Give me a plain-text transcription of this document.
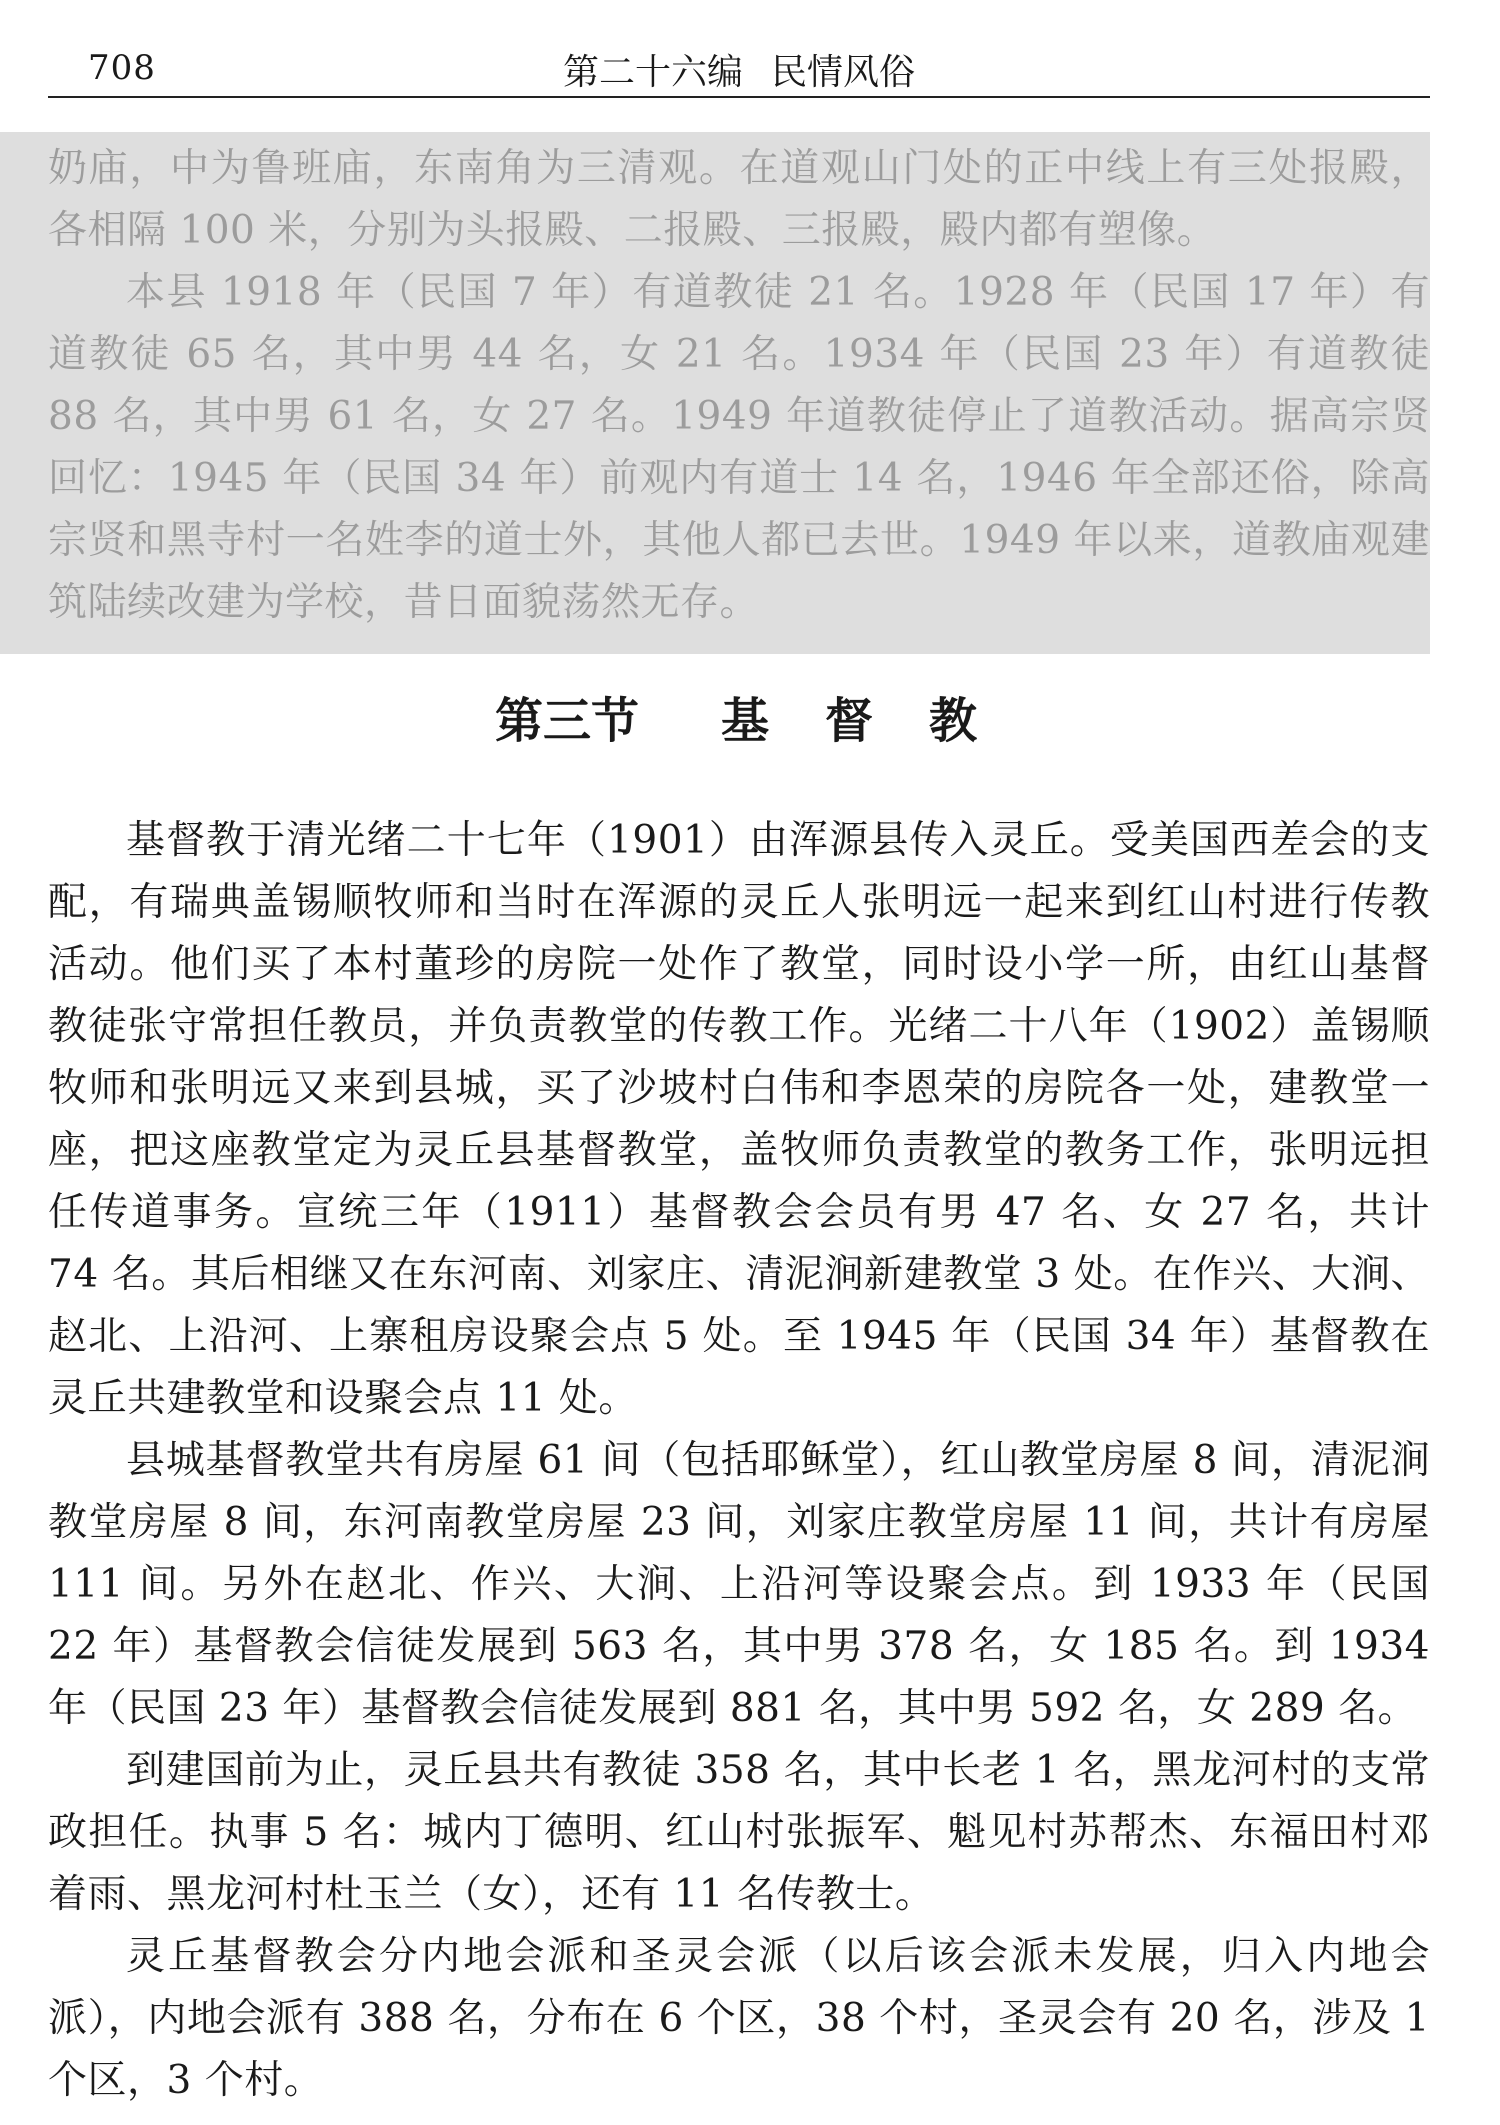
708	第二十六编 民情风俗

奶庙，中为鲁班庙，东南角为三清观。在道观山门处的正中线上有三处报殿，各相隔 100 米，分别为头报殿、二报殿、三报殿，殿内都有塑像。

本县 1918 年（民国 7 年）有道教徒 21 名。1928 年（民国 17 年）有道教徒 65 名，其中男 44 名，女 21 名。1934 年（民国 23 年）有道教徒 88 名，其中男 61 名，女 27 名。1949 年道教徒停止了道教活动。据高宗贤回忆：1945 年（民国 34 年）前观内有道士 14 名，1946 年全部还俗，除高宗贤和黑寺村一名姓李的道士外，其他人都已去世。1949 年以来，道教庙观建筑陆续改建为学校，昔日面貌荡然无存。

第三节 基 督 教

基督教于清光绪二十七年（1901）由浑源县传入灵丘。受美国西差会的支配，有瑞典盖锡顺牧师和当时在浑源的灵丘人张明远一起来到红山村进行传教活动。他们买了本村董珍的房院一处作了教堂，同时设小学一所，由红山基督教徒张守常担任教员，并负责教堂的传教工作。光绪二十八年（1902）盖锡顺牧师和张明远又来到县城，买了沙坡村白伟和李恩荣的房院各一处，建教堂一座，把这座教堂定为灵丘县基督教堂，盖牧师负责教堂的教务工作，张明远担任传道事务。宣统三年（1911）基督教会会员有男 47 名、女 27 名，共计 74 名。其后相继又在东河南、刘家庄、清泥涧新建教堂 3 处。在作兴、大涧、赵北、上沿河、上寨租房设聚会点 5 处。至 1945 年（民国 34 年）基督教在灵丘共建教堂和设聚会点 11 处。

县城基督教堂共有房屋 61 间（包括耶稣堂），红山教堂房屋 8 间，清泥涧教堂房屋 8 间，东河南教堂房屋 23 间，刘家庄教堂房屋 11 间，共计有房屋 111 间。另外在赵北、作兴、大涧、上沿河等设聚会点。到 1933 年（民国 22 年）基督教会信徒发展到 563 名，其中男 378 名，女 185 名。到 1934 年（民国 23 年）基督教会信徒发展到 881 名，其中男 592 名，女 289 名。

到建国前为止，灵丘县共有教徒 358 名，其中长老 1 名，黑龙河村的支常政担任。执事 5 名：城内丁德明、红山村张振军、魁见村苏帮杰、东福田村邓着雨、黑龙河村杜玉兰（女），还有 11 名传教士。

灵丘基督教会分内地会派和圣灵会派（以后该会派未发展，归入内地会派），内地会派有 388 名，分布在 6 个区，38 个村，圣灵会有 20 名，涉及 1 个区，3 个村。
